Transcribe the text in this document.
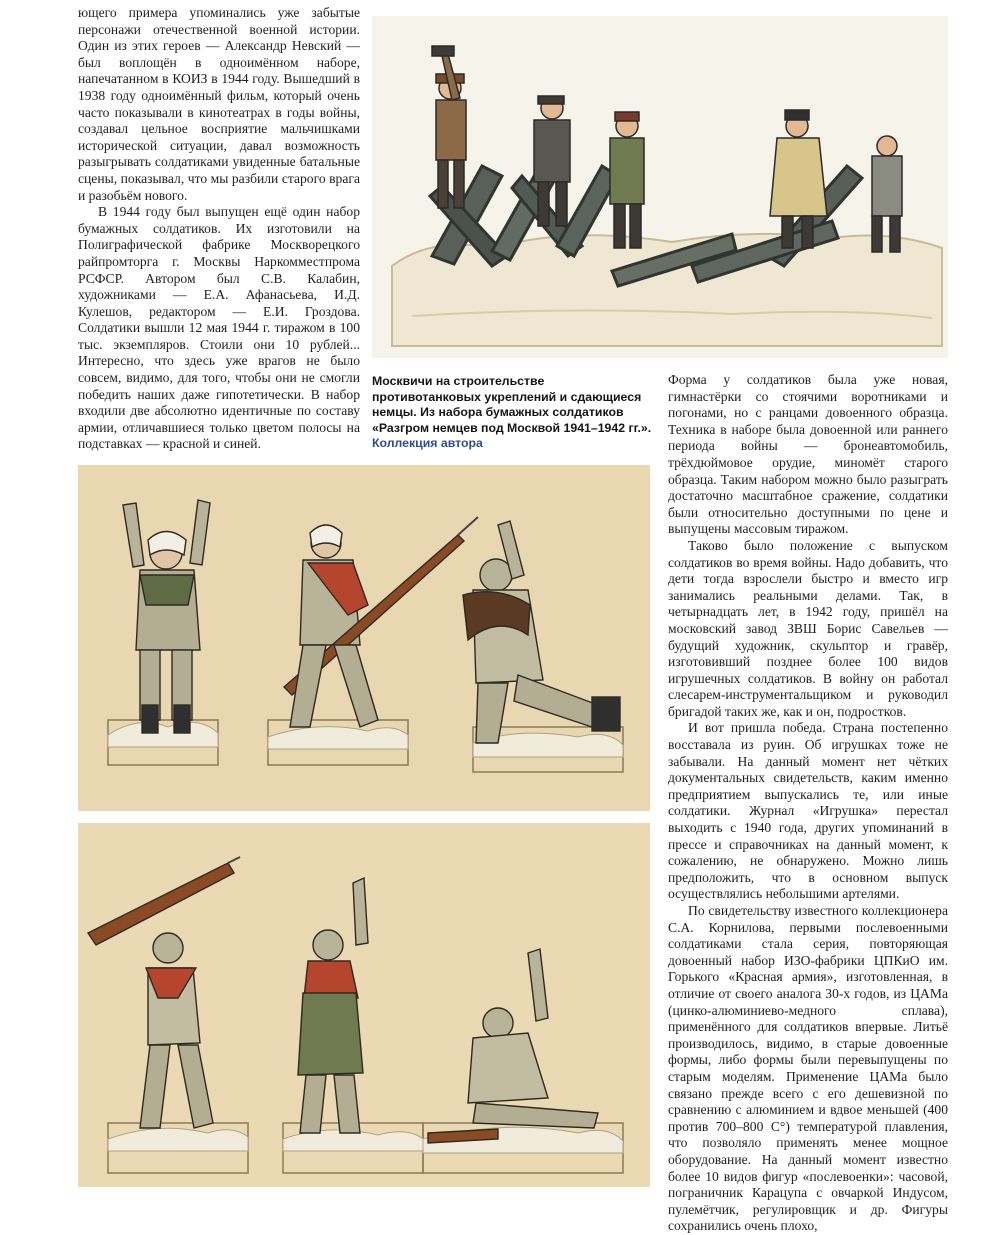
ющего примера упоминались уже забытые персонажи отечественной военной истории. Один из этих героев — Александр Невский — был воплощён в одноимённом наборе, напечатанном в КОИЗ в 1944 году. Вышедший в 1938 году одноимённый фильм, который очень часто показывали в кинотеатрах в годы войны, создавал цельное восприятие мальчишками исторической ситуации, давал возможность разыгрывать солдатиками увиденные батальные сцены, показывал, что мы разбили старого врага и разобьём нового.

В 1944 году был выпущен ещё один набор бумажных солдатиков. Их изготовили на Полиграфической фабрике Москворецкого райпромторга г. Москвы Наркомместпрома РСФСР. Автором был С.В. Калабин, художниками — Е.А. Афанасьева, И.Д. Кулешов, редактором — Е.И. Гроздова. Солдатики вышли 12 мая 1944 г. тиражом в 100 тыс. экземпляров. Стоили они 10 рублей... Интересно, что здесь уже врагов не было совсем, видимо, для того, чтобы они не смогли победить наших даже гипотетически. В набор входили две абсолютно идентичные по составу армии, отличавшиеся только цветом полосы на подставках — красной и синей.

Москвичи на строительстве противотанковых укреплений и сдающиеся немцы. Из набора бумажных солдатиков «Разгром немцев под Москвой 1941–1942 гг.». Коллекция автора

Форма у солдатиков была уже новая, гимнастёрки со стоячими воротниками и погонами, но с ранцами довоенного образца. Техника в наборе была довоенной или раннего периода войны — бронеавтомобиль, трёхдюймовое орудие, миномёт старого образца. Таким набором можно было разыграть достаточно масштабное сражение, солдатики были относительно доступными по цене и выпущены массовым тиражом.

Таково было положение с выпуском солдатиков во время войны. Надо добавить, что дети тогда взрослели быстро и вместо игр занимались реальными делами. Так, в четырнадцать лет, в 1942 году, пришёл на московский завод ЗВШ Борис Савельев — будущий художник, скульптор и гравёр, изготовивший позднее более 100 видов игрушечных солдатиков. В войну он работал слесарем-инструментальщиком и руководил бригадой таких же, как и он, подростков.

И вот пришла победа. Страна постепенно восставала из руин. Об игрушках тоже не забывали. На данный момент нет чётких документальных свидетельств, каким именно предприятием выпускались те, или иные солдатики. Журнал «Игрушка» перестал выходить с 1940 года, других упоминаний в прессе и справочниках на данный момент, к сожалению, не обнаружено. Можно лишь предположить, что в основном выпуск осуществлялись небольшими артелями.

По свидетельству известного коллекционера С.А. Корнилова, первыми послевоенными солдатиками стала серия, повторяющая довоенный набор ИЗО-фабрики ЦПКиО им. Горького «Красная армия», изготовленная, в отличие от своего аналога 30-х годов, из ЦАМа (цинко-алюминиево-медного сплава), применённого для солдатиков впервые. Литьё производилось, видимо, в старые довоенные формы, либо формы были перевыпущены по старым моделям. Применение ЦАМа было связано прежде всего с его дешевизной по сравнению с алюминием и вдвое меньшей (400 против 700–800 С°) температурой плавления, что позволяло применять менее мощное оборудование. На данный момент известно более 10 видов фигур «послевоенки»: часовой, пограничник Карацупа с овчаркой Индусом, пулемётчик, регулировщик и др. Фигуры сохранились очень плохо,
